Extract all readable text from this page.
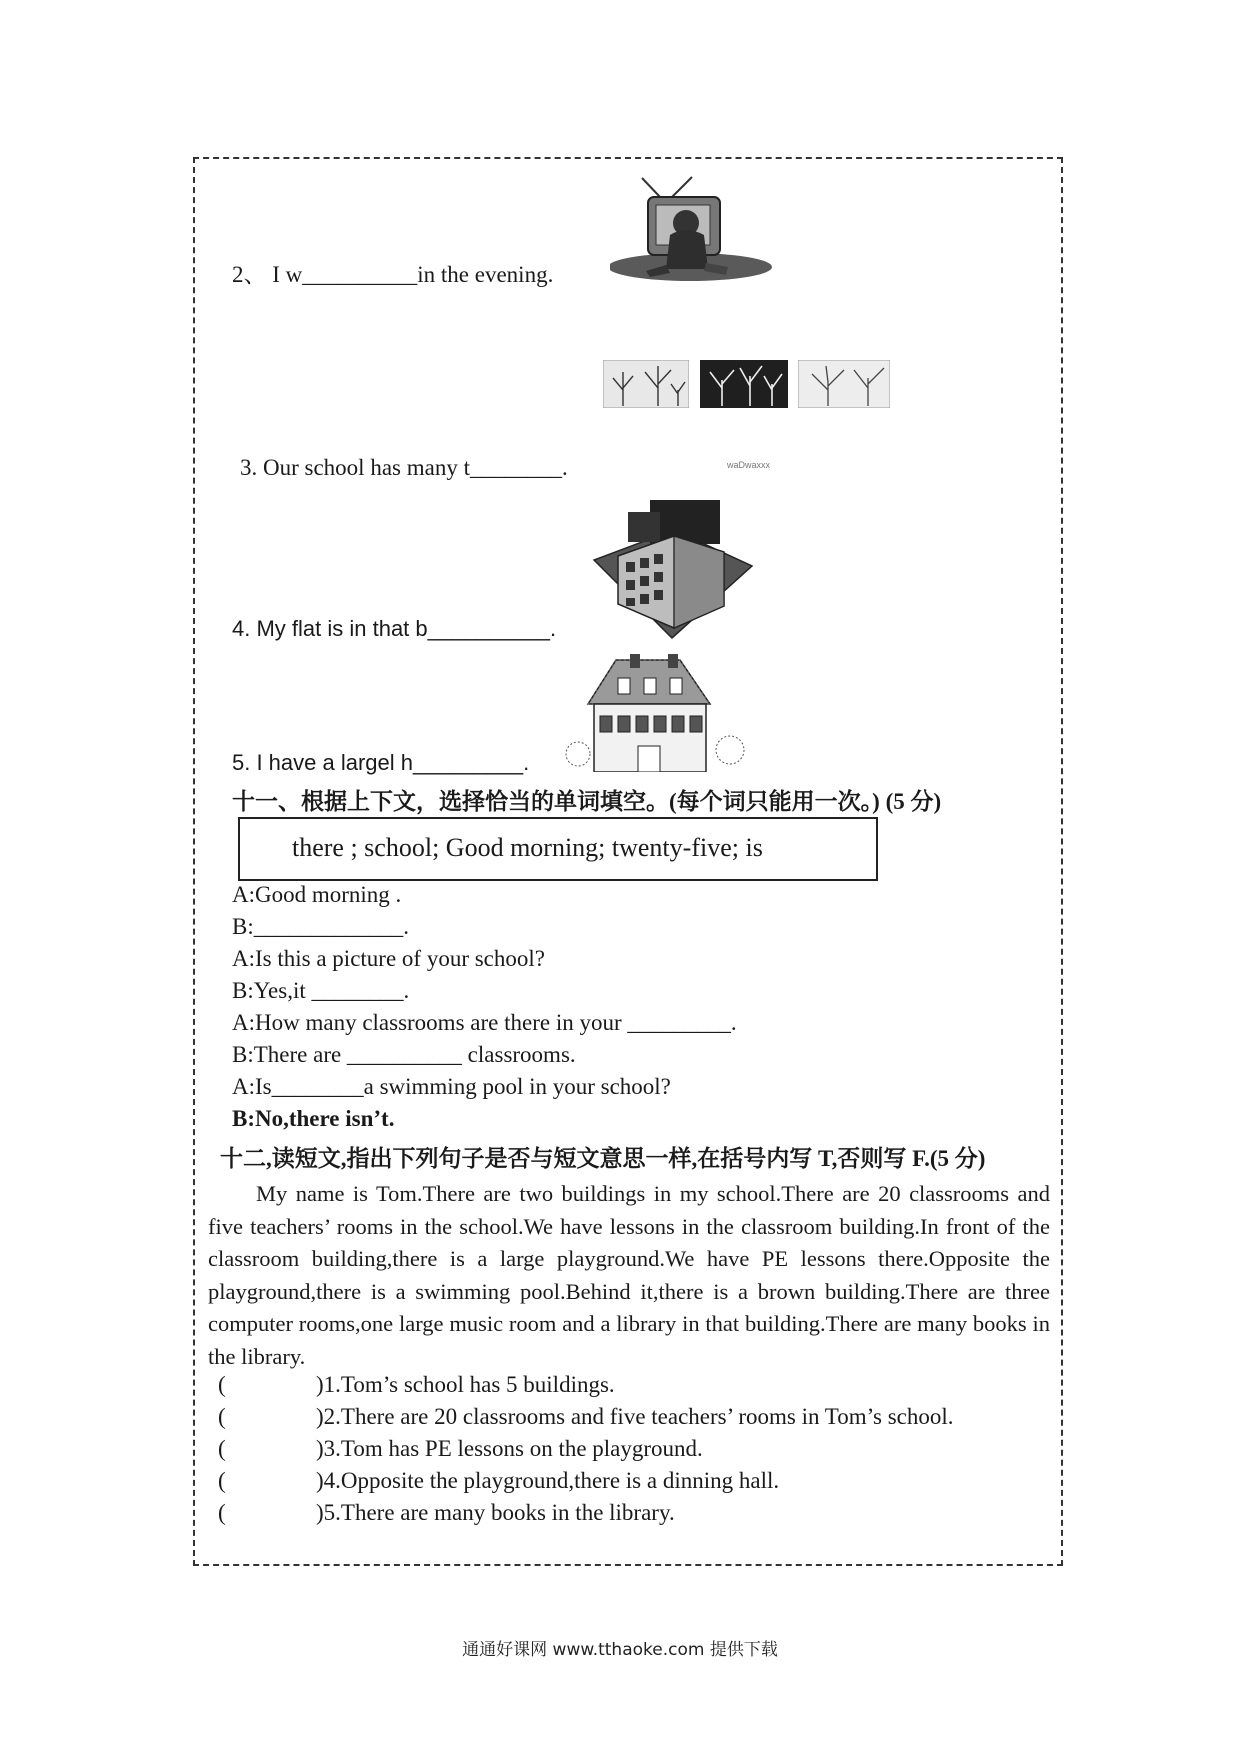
2、 I w__________in the evening.
waDwaxxx
3. Our school has many t________.
4. My flat is in that b__________.
5. I have a largel h_________.
十一、根据上下文，选择恰当的单词填空。(每个词只能用一次。) (5 分)
there ; school; Good morning; twenty-five; is
A:Good morning .
B:_____________.
A:Is this a picture of your school?
B:Yes,it ________.
A:How many classrooms are there in your _________.
B:There are __________ classrooms.
A:Is________a swimming pool in your school?
B:No,there isn’t.
十二,读短文,指出下列句子是否与短文意思一样,在括号内写 T,否则写 F.(5 分)

My name is Tom.There are two buildings in my school.There are 20 classrooms and five teachers’ rooms in the school.We have lessons in the classroom building.In front of the classroom building,there is a large playground.We have PE lessons there.Opposite the playground,there is a swimming pool.Behind it,there is a brown building.There are three computer rooms,one large music room and a library in that building.There are many books in the library.

(	)1.Tom’s school has 5 buildings.
(	)2.There are 20 classrooms and five teachers’ rooms in Tom’s school.
(	)3.Tom has PE lessons on the playground.
(	)4.Opposite the playground,there is a dinning hall.
(	)5.There are many books in the library.
通通好课网 www.tthaoke.com 提供下载
